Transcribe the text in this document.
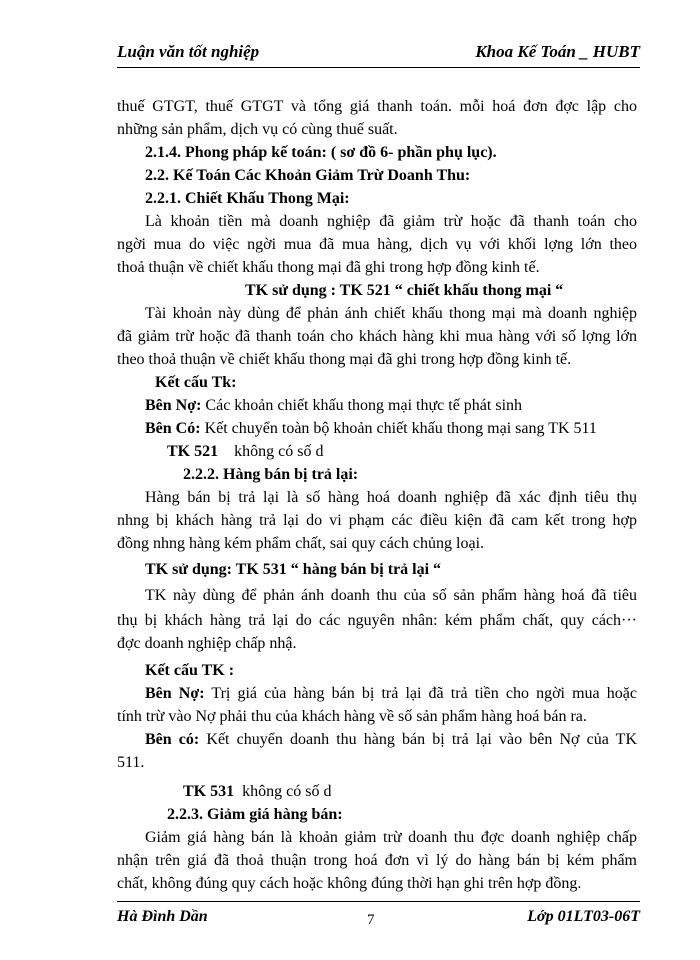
Luận văn tốt nghiệp	Khoa Kế Toán _ HUBT
thuế GTGT, thuế GTGT và tổng giá thanh toán. mỗi hoá đơn đợc lập cho
những sản phẩm, dịch vụ có cùng thuế suất.
2.1.4. Phong pháp kế toán: ( sơ đồ 6- phần phụ lục).
2.2. Kế Toán Các Khoản Giảm Trừ Doanh Thu:
2.2.1. Chiết Khấu Thong Mại:
Là khoản tiền mà doanh nghiệp đã giảm trừ hoặc đã thanh toán cho
ngời mua do việc ngời mua đã mua hàng, dịch vụ với khối lợng lớn theo
thoả thuận về chiết khấu thong mại đã ghi trong hợp đồng kinh tế.
TK sử dụng : TK 521 “ chiết khấu thong mại “
Tài khoản này dùng để phản ánh chiết khấu thong mại mà doanh nghiệp
đã giảm trừ hoặc đã thanh toán cho khách hàng khi mua hàng với số lợng lớn
theo thoả thuận về chiết khấu thong mại đã ghi trong hợp đồng kinh tế.
Kết cấu Tk:
Bên Nợ: Các khoản chiết khấu thong mại thực tế phát sinh
Bên Có: Kết chuyển toàn bộ khoản chiết khấu thong mại sang TK 511
TK 521 không có số d
2.2.2. Hàng bán bị trả lại:
Hàng bán bị trả lại là số hàng hoá doanh nghiệp đã xác định tiêu thụ
nhng bị khách hàng trả lại do vi phạm các điều kiện đã cam kết trong hợp
đồng nhng hàng kém phẩm chất, sai quy cách chủng loại.
TK sử dụng: TK 531 “ hàng bán bị trả lại “
TK này dùng để phản ánh doanh thu của số sản phẩm hàng hoá đã tiêu
thụ bị khách hàng trả lại do các nguyên nhân: kém phẩm chất, quy cách···
đợc doanh nghiệp chấp nhậ.
Kết cấu TK :
Bên Nợ: Trị giá của hàng bán bị trả lại đã trả tiền cho ngời mua hoặc
tính trừ vào Nợ phải thu của khách hàng về số sản phẩm hàng hoá bán ra.
Bên có: Kết chuyển doanh thu hàng bán bị trả lại vào bên Nợ của TK
511.
TK 531 không có số d
2.2.3. Giảm giá hàng bán:
Giảm giá hàng bán là khoản giảm trừ doanh thu đợc doanh nghiệp chấp
nhận trên giá đã thoả thuận trong hoá đơn vì lý do hàng bán bị kém phẩm
chất, không đúng quy cách hoặc không đúng thời hạn ghi trên hợp đồng.
Hà Đình Dần	7	Lớp 01LT03-06T
